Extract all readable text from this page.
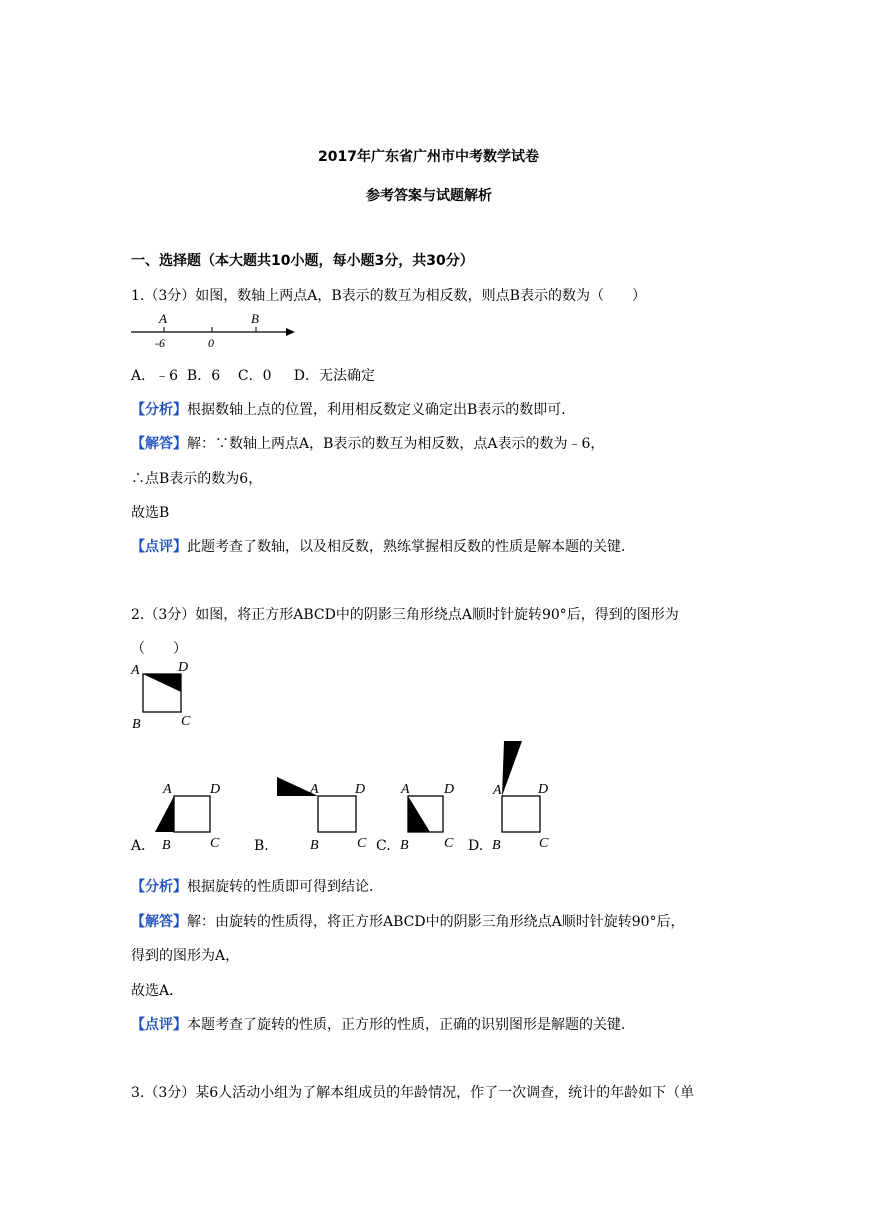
2017年广东省广州市中考数学试卷
参考答案与试题解析
一、选择题（本大题共10小题，每小题3分，共30分）
1.（3分）如图，数轴上两点A，B表示的数互为相反数，则点B表示的数为（　　）
A	B
-6	0
A．﹣6  B．6    C．0     D．无法确定
【分析】根据数轴上点的位置，利用相反数定义确定出B表示的数即可．
【解答】解：∵数轴上两点A，B表示的数互为相反数，点A表示的数为﹣6，
∴点B表示的数为6，
故选B
【点评】此题考查了数轴，以及相反数，熟练掌握相反数的性质是解本题的关键．
2.（3分）如图，将正方形ABCD中的阴影三角形绕点A顺时针旋转90°后，得到的图形为
（　　）
A	D
B	C
A.
A	D
B	C B.
A	D
B	C C.
A D
B	C D.
A	D
B	C
【分析】根据旋转的性质即可得到结论．
【解答】解：由旋转的性质得，将正方形ABCD中的阴影三角形绕点A顺时针旋转90°后，
得到的图形为A，
故选A．
【点评】本题考查了旋转的性质，正方形的性质，正确的识别图形是解题的关键．
3.（3分）某6人活动小组为了解本组成员的年龄情况，作了一次调查，统计的年龄如下（单
